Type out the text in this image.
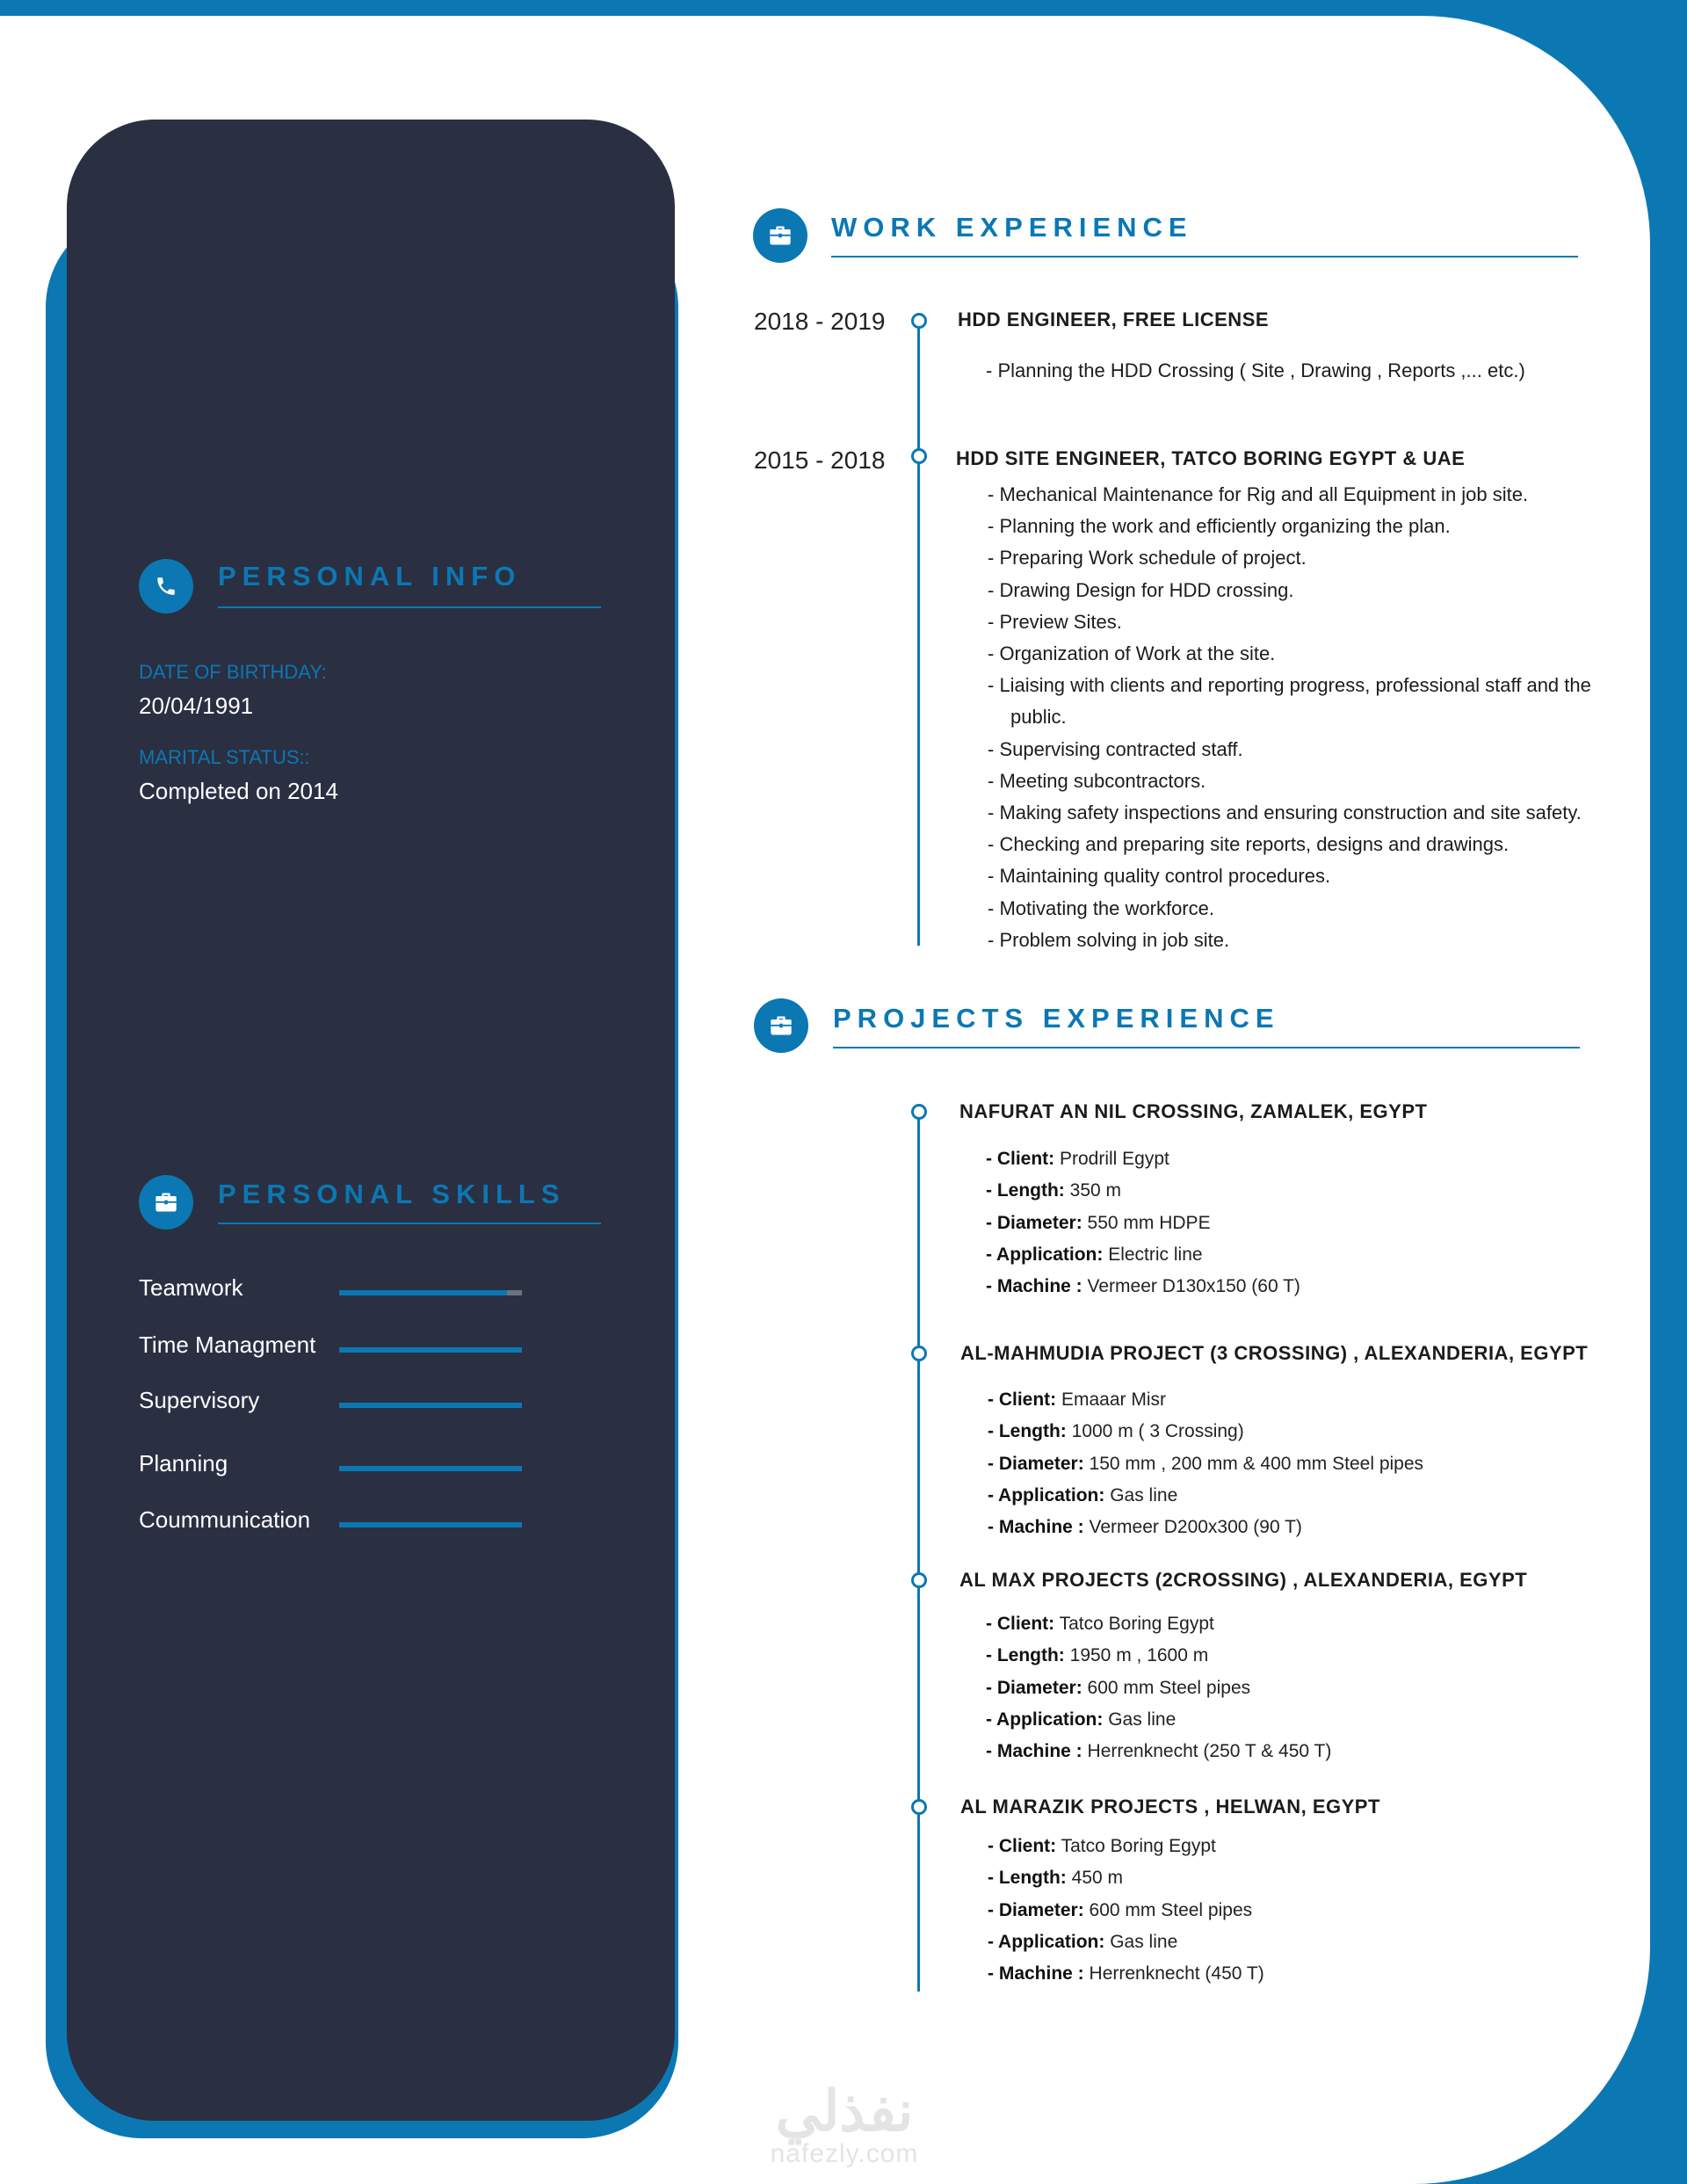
PERSONAL INFO
DATE OF BIRTHDAY:
20/04/1991
MARITAL STATUS::
Completed on 2014
PERSONAL SKILLS
Teamwork
Time Managment
Supervisory
Planning
Coummunication
WORK EXPERIENCE
2018 - 2019	HDD ENGINEER, FREE LICENSE
- Planning the HDD Crossing ( Site , Drawing , Reports ,... etc.)
2015 - 2018	HDD SITE ENGINEER, TATCO BORING EGYPT & UAE
- Mechanical Maintenance for Rig and all Equipment in job site.
- Planning the work and efficiently organizing the plan.
- Preparing Work schedule of project.
- Drawing Design for HDD crossing.
- Preview Sites.
- Organization of Work at the site.
- Liaising with clients and reporting progress, professional staff and the
public.
- Supervising contracted staff.
- Meeting subcontractors.
- Making safety inspections and ensuring construction and site safety.
- Checking and preparing site reports, designs and drawings.
- Maintaining quality control procedures.
- Motivating the workforce.
- Problem solving in job site.
PROJECTS EXPERIENCE
NAFURAT AN NIL CROSSING, ZAMALEK, EGYPT
- Client: Prodrill Egypt
- Length: 350 m
- Diameter: 550 mm HDPE
- Application: Electric line
- Machine : Vermeer D130x150 (60 T)
AL-MAHMUDIA PROJECT (3 CROSSING) , ALEXANDERIA, EGYPT
- Client: Emaaar Misr
- Length: 1000 m ( 3 Crossing)
- Diameter: 150 mm , 200 mm & 400 mm Steel pipes
- Application: Gas line
- Machine : Vermeer D200x300 (90 T)
AL MAX PROJECTS (2CROSSING) , ALEXANDERIA, EGYPT
- Client: Tatco Boring Egypt
- Length: 1950 m , 1600 m
- Diameter: 600 mm Steel pipes
- Application: Gas line
- Machine : Herrenknecht (250 T & 450 T)
AL MARAZIK PROJECTS , HELWAN, EGYPT
- Client: Tatco Boring Egypt
- Length: 450 m
- Diameter: 600 mm Steel pipes
- Application: Gas line
- Machine : Herrenknecht (450 T)
نفذلي
nafezly.com
